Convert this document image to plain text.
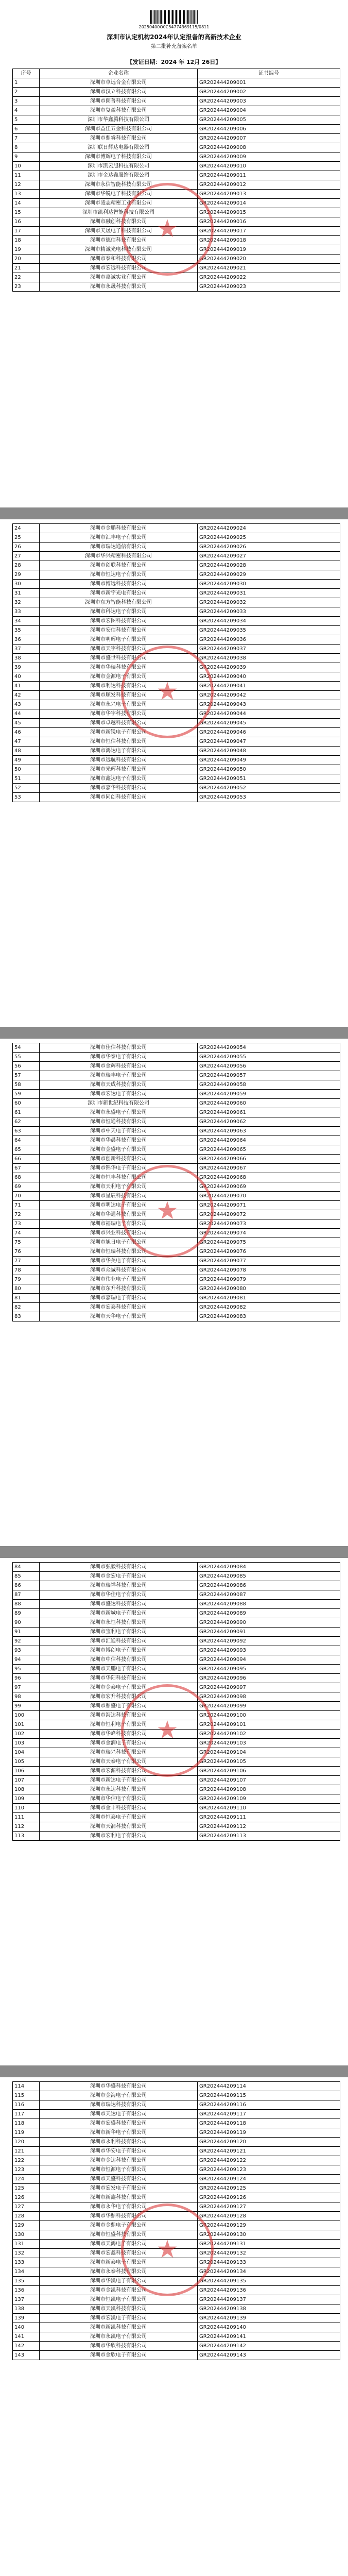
20250400O0C54774369115/0811
深圳市认定机构2024年认定报备的高新技术企业
第二批补充备案名单
【发证日期：2024 年 12月 26日】
序号	企业名称	证书编号
1	深圳市卓远合金有限公司	GR202444209001
2	深圳市汉立科技有限公司	GR202444209002
3	深圳市朗普科技有限公司	GR202444209003
4	深圳市复盈科技有限公司	GR202444209004
5	深圳市华鑫腾科技有限公司	GR202444209005
6	深圳市益佳五金科技有限公司	GR202444209006
7	深圳市鼎睿科技有限公司	GR202444209007
8	深圳联日辉达电器有限公司	GR202444209008
9	深圳市博辉电子科技有限公司	GR202444209009
10	深圳市凯云旭科技有限公司	GR202444209010
11	深圳市金达鑫服饰有限公司	GR202444209011
12	深圳市永信智能科技有限公司	GR202444209012
13	深圳市华锐电子科技有限公司	GR202444209013
14	深圳市凌志精密工业有限公司	GR202444209014
15	深圳市凯利达智能科技有限公司	GR202444209015
16	深圳市融创科技有限公司	GR202444209016
17	深圳市天晟电子科技有限公司	GR202444209017
18	深圳市德信科技有限公司	GR202444209018
19	深圳市精诚光电科技有限公司	GR202444209019
20	深圳市泰和科技有限公司	GR202444209020
21	深圳市宏远科技有限公司	GR202444209021
22	深圳市嘉诚实业有限公司	GR202444209022
23	深圳市永晟科技有限公司	GR202444209023
★
24	深圳市金鹏科技有限公司	GR202444209024
25	深圳市汇丰电子有限公司	GR202444209025
26	深圳市瑞达通信有限公司	GR202444209026
27	深圳市华兴精密科技有限公司	GR202444209027
28	深圳市创联科技有限公司	GR202444209028
29	深圳市恒达电子有限公司	GR202444209029
30	深圳市博远科技有限公司	GR202444209030
31	深圳市新宇光电有限公司	GR202444209031
32	深圳市东方智能科技有限公司	GR202444209032
33	深圳市科达电子有限公司	GR202444209033
34	深圳市宏图科技有限公司	GR202444209034
35	深圳市安信科技有限公司	GR202444209035
36	深圳市明辉电子有限公司	GR202444209036
37	深圳市天宇科技有限公司	GR202444209037
38	深圳市盛世科技有限公司	GR202444209038
39	深圳市华瑞科技有限公司	GR202444209039
40	深圳市金源电子有限公司	GR202444209040
41	深圳市利达科技有限公司	GR202444209041
42	深圳市顺发科技有限公司	GR202444209042
43	深圳市永兴电子有限公司	GR202444209043
44	深圳市华宇科技有限公司	GR202444209044
45	深圳市卓越科技有限公司	GR202444209045
46	深圳市新锐电子有限公司	GR202444209046
47	深圳市恒信科技有限公司	GR202444209047
48	深圳市鸿达电子有限公司	GR202444209048
49	深圳市远航科技有限公司	GR202444209049
50	深圳市光辉科技有限公司	GR202444209050
51	深圳市鑫达电子有限公司	GR202444209051
52	深圳市嘉华科技有限公司	GR202444209052
53	深圳市同创科技有限公司	GR202444209053
★
54	深圳市佳信科技有限公司	GR202444209054
55	深圳市华泰电子有限公司	GR202444209055
56	深圳市金辉科技有限公司	GR202444209056
57	深圳市瑞丰电子有限公司	GR202444209057
58	深圳市天成科技有限公司	GR202444209058
59	深圳市宏达电子有限公司	GR202444209059
60	深圳市新世纪科技有限公司	GR202444209060
61	深圳市永盛电子有限公司	GR202444209061
62	深圳市恒通科技有限公司	GR202444209062
63	深圳市中天电子有限公司	GR202444209063
64	深圳市华晨科技有限公司	GR202444209064
65	深圳市金盛电子有限公司	GR202444209065
66	深圳市创新科技有限公司	GR202444209066
67	深圳市锦华电子有限公司	GR202444209067
68	深圳市恒丰科技有限公司	GR202444209068
69	深圳市天利电子有限公司	GR202444209069
70	深圳市星辰科技有限公司	GR202444209070
71	深圳市明达电子有限公司	GR202444209071
72	深圳市华通科技有限公司	GR202444209072
73	深圳市福瑞电子有限公司	GR202444209073
74	深圳市兴业科技有限公司	GR202444209074
75	深圳市旭日电子有限公司	GR202444209075
76	深圳市恒瑞科技有限公司	GR202444209076
77	深圳市华美电子有限公司	GR202444209077
78	深圳市众诚科技有限公司	GR202444209078
79	深圳市伟业电子有限公司	GR202444209079
80	深圳市东升科技有限公司	GR202444209080
81	深圳市嘉瑞电子有限公司	GR202444209081
82	深圳市宏泰科技有限公司	GR202444209082
83	深圳市天华电子有限公司	GR202444209083
★
84	深圳市弘毅科技有限公司	GR202444209084
85	深圳市金宏电子有限公司	GR202444209085
86	深圳市瑞祥科技有限公司	GR202444209086
87	深圳市华佳电子有限公司	GR202444209087
88	深圳市盛达科技有限公司	GR202444209088
89	深圳市新城电子有限公司	GR202444209089
90	深圳市永恒科技有限公司	GR202444209090
91	深圳市宝利电子有限公司	GR202444209091
92	深圳市汇通科技有限公司	GR202444209092
93	深圳市博创电子有限公司	GR202444209093
94	深圳市中信科技有限公司	GR202444209094
95	深圳市天鹏电子有限公司	GR202444209095
96	深圳市华阳科技有限公司	GR202444209096
97	深圳市金泰电子有限公司	GR202444209097
98	深圳市宏升科技有限公司	GR202444209098
99	深圳市鼎盛电子有限公司	GR202444209099
100	深圳市海达科技有限公司	GR202444209100
101	深圳市恒利电子有限公司	GR202444209101
102	深圳市华峰科技有限公司	GR202444209102
103	深圳市金润电子有限公司	GR202444209103
104	深圳市瑞兴科技有限公司	GR202444209104
105	深圳市天泰电子有限公司	GR202444209105
106	深圳市宏源科技有限公司	GR202444209106
107	深圳市新达电子有限公司	GR202444209107
108	深圳市永达科技有限公司	GR202444209108
109	深圳市华信电子有限公司	GR202444209109
110	深圳市金丰科技有限公司	GR202444209110
111	深圳市恒泰电子有限公司	GR202444209111
112	深圳市天润科技有限公司	GR202444209112
113	深圳市宏利电子有限公司	GR202444209113
★
114	深圳市华盛科技有限公司	GR202444209114
115	深圳市金海电子有限公司	GR202444209115
116	深圳市瑞达科技有限公司	GR202444209116
117	深圳市天达电子有限公司	GR202444209117
118	深圳市宏盛科技有限公司	GR202444209118
119	深圳市新华电子有限公司	GR202444209119
120	深圳市永利科技有限公司	GR202444209120
121	深圳市华安电子有限公司	GR202444209121
122	深圳市金达科技有限公司	GR202444209122
123	深圳市恒源电子有限公司	GR202444209123
124	深圳市天盛科技有限公司	GR202444209124
125	深圳市宏发电子有限公司	GR202444209125
126	深圳市新鑫科技有限公司	GR202444209126
127	深圳市永华电子有限公司	GR202444209127
128	深圳市华鼎科技有限公司	GR202444209128
129	深圳市金鼎电子有限公司	GR202444209129
130	深圳市恒盛科技有限公司	GR202444209130
131	深圳市天鸿电子有限公司	GR202444209131
132	深圳市宏鑫科技有限公司	GR202444209132
133	深圳市新泰电子有限公司	GR202444209133
134	深圳市永泰科技有限公司	GR202444209134
135	深圳市华凯电子有限公司	GR202444209135
136	深圳市金凯科技有限公司	GR202444209136
137	深圳市恒凯电子有限公司	GR202444209137
138	深圳市天凯科技有限公司	GR202444209138
139	深圳市宏凯电子有限公司	GR202444209139
140	深圳市新凯科技有限公司	GR202444209140
141	深圳市永凯电子有限公司	GR202444209141
142	深圳市华欣科技有限公司	GR202444209142
143	深圳市金欣电子有限公司	GR202444209143
★
